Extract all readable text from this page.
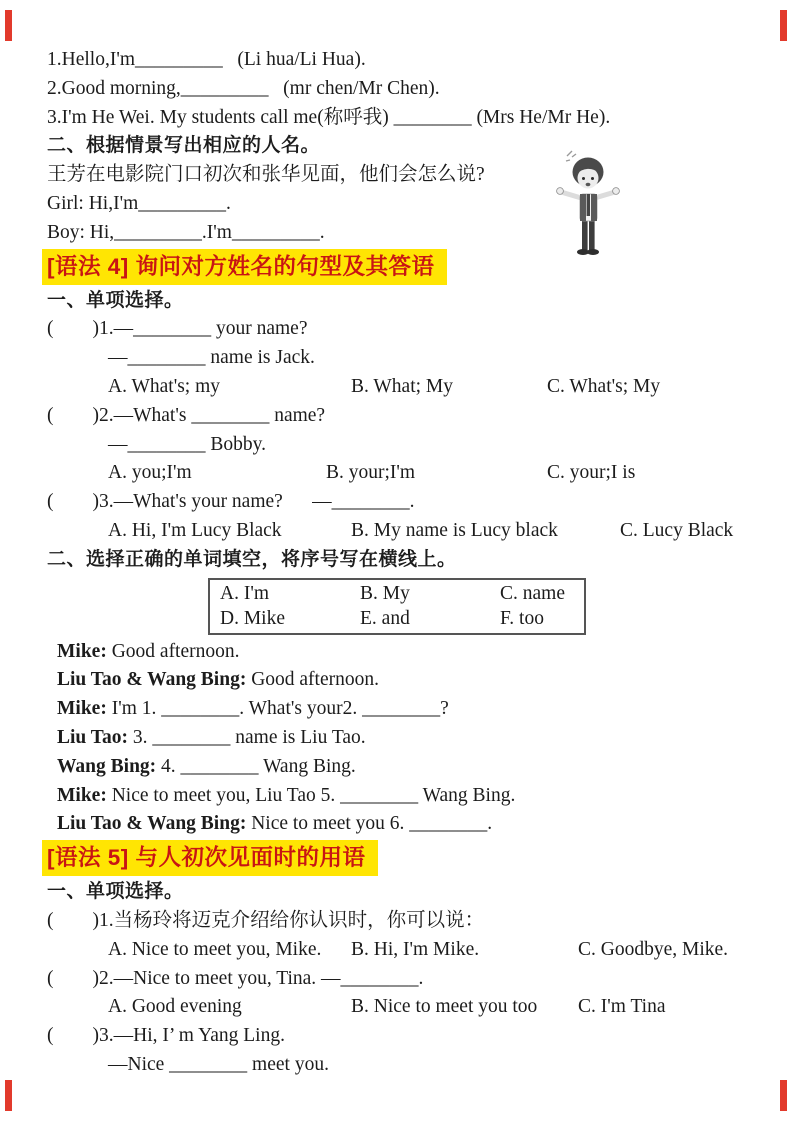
1.Hello,I'm_________   (Li hua/Li Hua).
2.Good morning,_________   (mr chen/Mr Chen).
3.I'm He Wei. My students call me(称呼我) ________ (Mrs He/Mr He).
二、根据情景写出相应的人名。
王芳在电影院门口初次和张华见面，他们会怎么说?
Girl: Hi,I'm_________.
Boy: Hi,_________.I'm_________.
[语法 4] 询问对方姓名的句型及其答语
一、单项选择。
(        )1.—________ your name?
—________ name is Jack.
A. What's; my	B. What; My	C. What's; My
(        )2.—What's ________ name?
—________ Bobby.
A. you;I'm	B. your;I'm	C. your;I is
(        )3.—What's your name?      —________.
A. Hi, I'm Lucy Black	B. My name is Lucy black	C. Lucy Black
二、选择正确的单词填空，将序号写在横线上。
A. I'm	B. My	C. name
D. Mike	E. and	F. too
Mike: Good afternoon.
Liu Tao & Wang Bing: Good afternoon.
Mike: I'm 1. ________. What's your2. ________?
Liu Tao: 3. ________ name is Liu Tao.
Wang Bing: 4. ________ Wang Bing.
Mike: Nice to meet you, Liu Tao 5. ________ Wang Bing.
Liu Tao & Wang Bing: Nice to meet you 6. ________.
[语法 5] 与人初次见面时的用语
一、单项选择。
(        )1.当杨玲将迈克介绍给你认识时，你可以说：
A. Nice to meet you, Mike.	B. Hi, I'm Mike.	C. Goodbye, Mike.
(        )2.—Nice to meet you, Tina. —________.
A. Good evening	B. Nice to meet you too	C. I'm Tina
(        )3.—Hi, I’ m Yang Ling.
—Nice ________ meet you.
